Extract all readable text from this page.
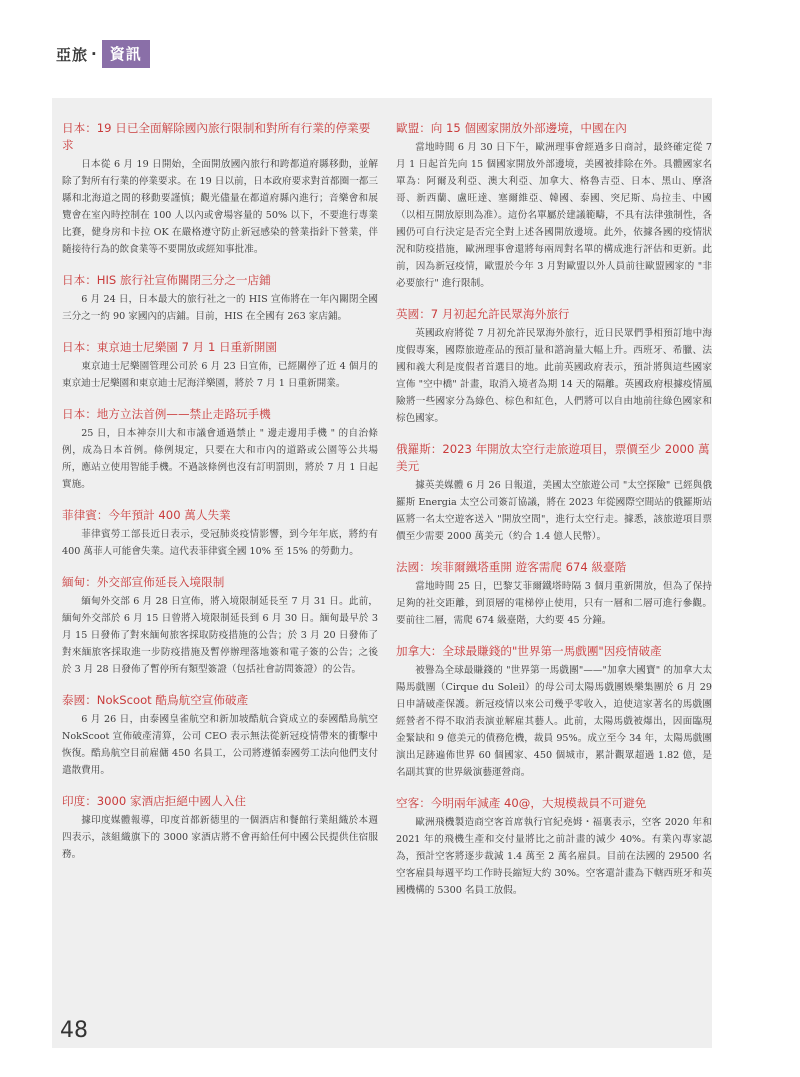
亞旅 · 資訊
日本：19 日已全面解除國內旅行限制和對所有行業的停業要求

日本從 6 月 19 日開始，全面開放國內旅行和跨都道府縣移動，並解除了對所有行業的停業要求。在 19 日以前，日本政府要求對首都圈一都三縣和北海道之間的移動要謹慎；觀光儘量在都道府縣內進行；音樂會和展覽會在室內時控制在 100 人以內或會場容量的 50% 以下，不要進行專業比賽，健身房和卡拉 OK 在嚴格遵守防止新冠感染的營業指針下營業，伴隨接待行為的飲食業等不要開放或經知事批准。

日本：HIS 旅行社宣佈關閉三分之一店鋪

6 月 24 日，日本最大的旅行社之一的 HIS 宣佈將在一年內關閉全國三分之一約 90 家國內的店鋪。目前，HIS 在全國有 263 家店鋪。

日本：東京迪士尼樂園 7 月 1 日重新開園

東京迪士尼樂園管理公司於 6 月 23 日宣佈，已經關停了近 4 個月的東京迪士尼樂園和東京迪士尼海洋樂園，將於 7 月 1 日重新開業。

日本：地方立法首例——禁止走路玩手機

25 日，日本神奈川大和市議會通過禁止 " 邊走邊用手機 " 的自治條例，成為日本首例。條例規定，只要在大和市內的道路或公園等公共場所，應站立使用智能手機。不過該條例也沒有訂明罰則，將於 7 月 1 日起實施。

菲律賓：今年預計 400 萬人失業

菲律賓勞工部長近日表示，受冠肺炎疫情影響，到今年年底，將約有 400 萬菲人可能會失業。這代表菲律賓全國 10% 至 15% 的勞動力。

緬甸：外交部宣佈延長入境限制

緬甸外交部 6 月 28 日宣佈，將入境限制延長至 7 月 31 日。此前，緬甸外交部於 6 月 15 日曾將入境限制延長到 6 月 30 日。緬甸最早於 3 月 15 日發佈了對來緬甸旅客採取防疫措施的公告；於 3 月 20 日發佈了對來緬旅客採取進一步防疫措施及暫停辦理落地簽和電子簽的公告；之後於 3 月 28 日發佈了暫停所有類型簽證（包括社會訪問簽證）的公告。

泰國：NokScoot 酷鳥航空宣佈破產

6 月 26 日，由泰國皇雀航空和新加坡酷航合資成立的泰國酷鳥航空 NokScoot 宣佈破產清算，公司 CEO 表示無法從新冠疫情帶來的衝擊中恢復。酷鳥航空目前雇傭 450 名員工，公司將遵循泰國勞工法向他們支付遣散費用。

印度：3000 家酒店拒絕中國人入住

據印度媒體報導，印度首都新德里的一個酒店和餐館行業組織於本週四表示，該組織旗下的 3000 家酒店將不會再給任何中國公民提供住宿服務。

歐盟：向 15 個國家開放外部邊境，中國在內

當地時間 6 月 30 日下午，歐洲理事會經過多日商討，最終確定從 7 月 1 日起首先向 15 個國家開放外部邊境，美國被排除在外。具體國家名單為：阿爾及利亞、澳大利亞、加拿大、格魯吉亞、日本、黑山、摩洛哥、新西蘭、盧旺達、塞爾維亞、韓國、泰國、突尼斯、烏拉圭、中國（以相互開放原則為准）。這份名單屬於建議範疇，不具有法律強制性，各國仍可自行決定是否完全對上述各國開放邊境。此外，依據各國的疫情狀況和防疫措施，歐洲理事會還將每兩周對名單的構成進行評估和更新。此前，因為新冠疫情，歐盟於今年 3 月對歐盟以外人員前往歐盟國家的 "非必要旅行" 進行限制。

英國：7 月初起允許民眾海外旅行

英國政府將從 7 月初允許民眾海外旅行，近日民眾們爭相預訂地中海度假專案，國際旅遊產品的預訂量和諮詢量大幅上升。西班牙、希臘、法國和義大利是度假者首選目的地。此前英國政府表示，預計將與這些國家宣佈 "空中橋" 計畫，取消入境者為期 14 天的隔離。英國政府根據疫情風險將一些國家分為綠色、棕色和紅色，人們將可以自由地前往綠色國家和棕色國家。

俄羅斯：2023 年開放太空行走旅遊項目，票價至少 2000 萬美元

據英美媒體 6 月 26 日報道，美國太空旅遊公司 "太空探險" 已經與俄羅斯 Energia 太空公司簽訂協議，將在 2023 年從國際空間站的俄羅斯站區將一名太空遊客送入 "開放空間"，進行太空行走。據悉，該旅遊項目票價至少需要 2000 萬美元（約合 1.4 億人民幣）。

法國：埃菲爾鐵塔重開 遊客需爬 674 級臺階

當地時間 25 日，巴黎艾菲爾鐵塔時隔 3 個月重新開放，但為了保持足夠的社交距離，到頂層的電梯停止使用，只有一層和二層可進行參觀。要前往二層，需爬 674 級臺階，大約要 45 分鐘。

加拿大：全球最賺錢的"世界第一馬戲團"因疫情破產

被譽為全球最賺錢的 "世界第一馬戲團"——"加拿大國寶" 的加拿大太陽馬戲團（Cirque du Soleil）的母公司太陽馬戲團娛樂集團於 6 月 29 日申請破產保護。新冠疫情以來公司幾乎零收入，迫使這家著名的馬戲團經營者不得不取消表演並解雇其藝人。此前，太陽馬戲被爆出，因面臨現金緊缺和 9 億美元的債務危機，裁員 95%。成立至今 34 年，太陽馬戲團演出足跡遍佈世界 60 個國家、450 個城市，累計觀眾超過 1.82 億，是名副其實的世界級演藝運營商。

空客：今明兩年減產 40@，大規模裁員不可避免

歐洲飛機製造商空客首席執行官紀堯姆・福裏表示，空客 2020 年和 2021 年的飛機生產和交付量將比之前計畫的減少 40%。有業內專家認為，預計空客將逐步裁減 1.4 萬至 2 萬名雇員。目前在法國的 29500 名空客雇員每週平均工作時長縮短大約 30%。空客還計畫為下轄西班牙和英國機構的 5300 名員工放假。

48
